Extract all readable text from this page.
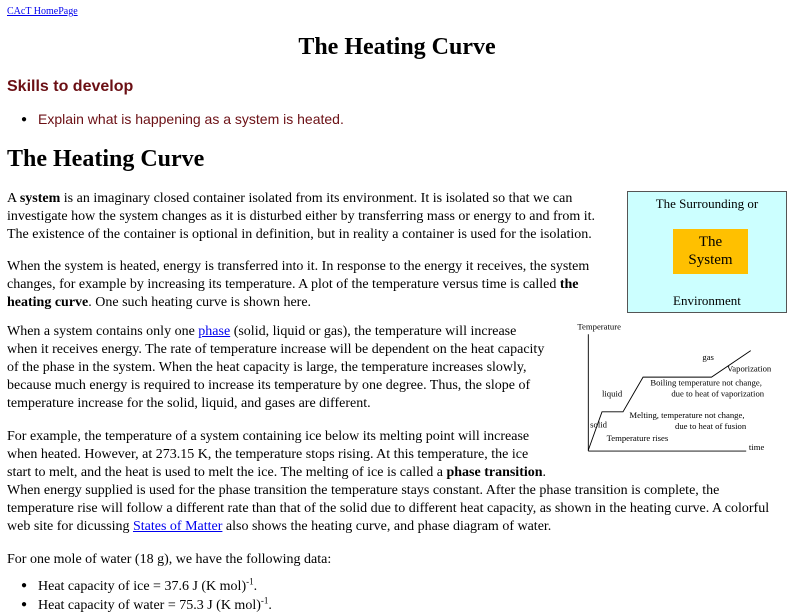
CAcT HomePage
The Heating Curve
Skills to develop
● Explain what is happening as a system is heated.
The Heating Curve
The Surrounding or
The
System
Environment

A system is an imaginary closed container isolated from its environment. It is isolated so that we can investigate how the system changes as it is disturbed either by transferring mass or energy to and from it. The existence of the container is optional in definition, but in reality a container is used for the isolation.

When the system is heated, energy is transferred into it. In response to the energy it receives, the system changes, for example by increasing its temperature. A plot of the temperature versus time is called the heating curve. One such heating curve is shown here.

Temperature
time
gas
Vaporization
Boiling temperature not change,
due to heat of vaporization
liquid
Melting, temperature not change,
due to heat of fusion
solid
Temperature rises

When a system contains only one phase (solid, liquid or gas), the temperature will increase when it receives energy. The rate of temperature increase will be dependent on the heat capacity of the phase in the system. When the heat capacity is large, the temperature increases slowly, because much energy is required to increase its temperature by one degree. Thus, the slope of temperature increase for the solid, liquid, and gases are different.

For example, the temperature of a system containing ice below its melting point will increase when heated. However, at 273.15 K, the temperature stops rising. At this temperature, the ice start to melt, and the heat is used to melt the ice. The melting of ice is called a phase transition. When energy supplied is used for the phase transition the temperature stays constant. After the phase transition is complete, the temperature rise will follow a different rate than that of the solid due to different heat capacity, as shown in the heating curve. A colorful web site for dicussing States of Matter also shows the heating curve, and phase diagram of water.

For one mole of water (18 g), we have the following data:

● Heat capacity of ice = 37.6 J (K mol)$^{-1}$.
● Heat capacity of water = 75.3 J (K mol)$^{-1}$.
